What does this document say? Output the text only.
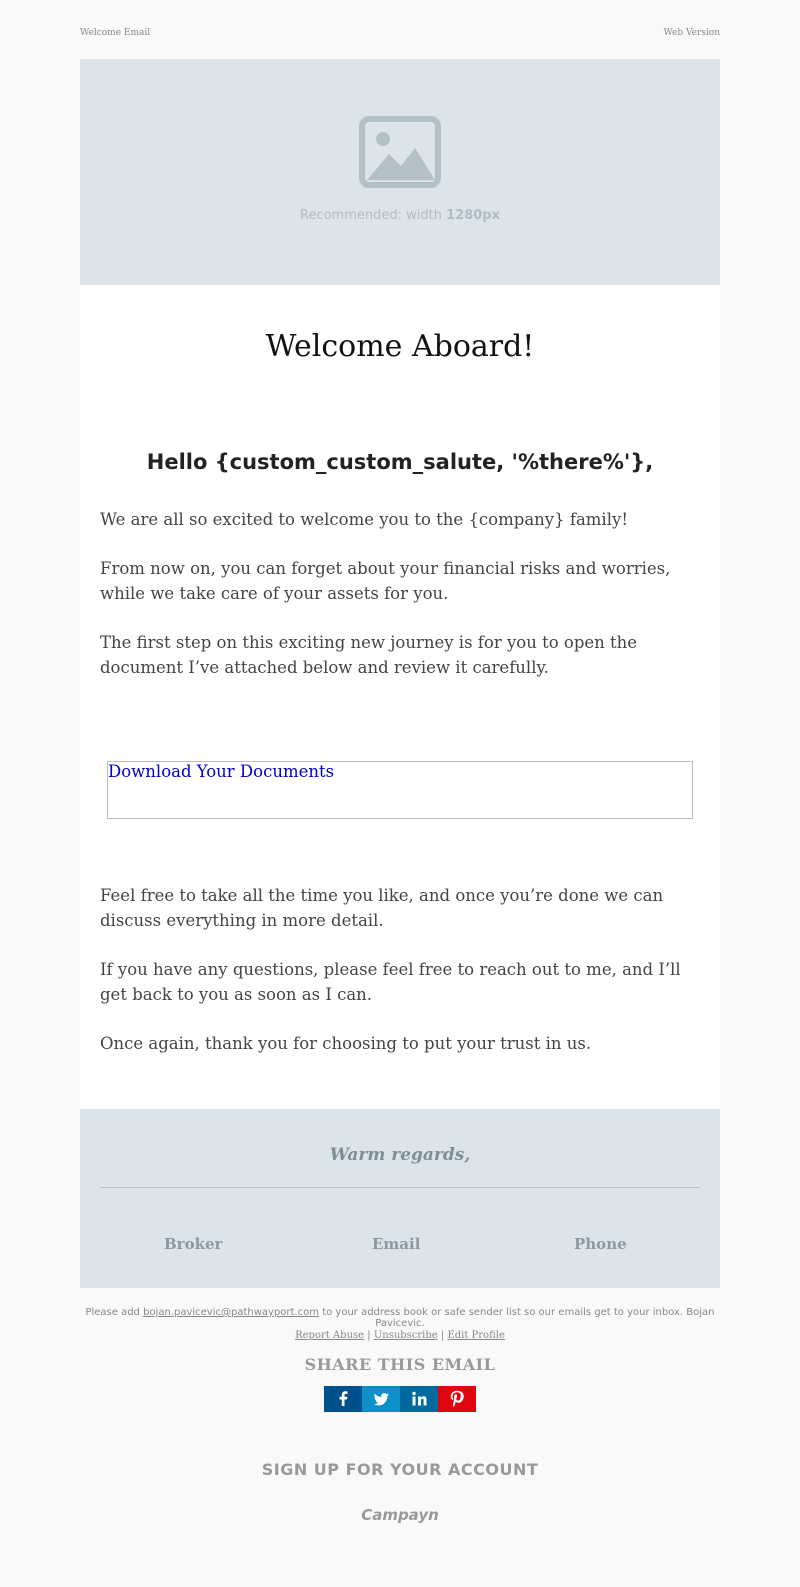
Welcome Email	Web Version
Recommended: width 1280px
Welcome Aboard!
Hello {custom_custom_salute, '%there%'},

We are all so excited to welcome you to the {company} family!

From now on, you can forget about your financial risks and worries, while we take care of your assets for you.

The first step on this exciting new journey is for you to open the document I’ve attached below and review it carefully.

Download Your Documents

Feel free to take all the time you like, and once you’re done we can discuss everything in more detail.

If you have any questions, please feel free to reach out to me, and I’ll get back to you as soon as I can.

Once again, thank you for choosing to put your trust in us.

Warm regards,
Broker	Email	Phone
Please add bojan.pavicevic@pathwayport.com to your address book or safe sender list so our emails get to your inbox. Bojan Pavicevic.
Report Abuse | Unsubscribe | Edit Profile
SHARE THIS EMAIL
SIGN UP FOR YOUR ACCOUNT
Campayn
